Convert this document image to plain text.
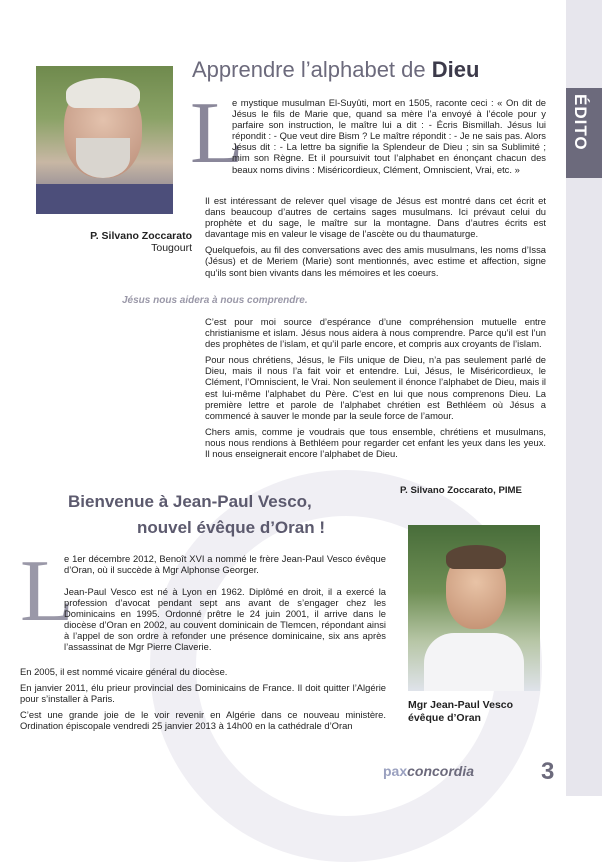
ÉDITO
P. Silvano Zoccarato
Tougourt
Apprendre l’alphabet de Dieu
L

e mystique musulman El-Suyûti, mort en 1505, raconte ceci : « On dit de Jésus le fils de Marie que, quand sa mère l’a envoyé à l’école pour y parfaire son instruction, le maître lui a dit : - Écris Bismillah. Jésus lui répondit : - Que veut dire Bism ? Le maître répondit : - Je ne sais pas. Alors Jésus dit : - La lettre ba signifie la Splendeur de Dieu ; sin sa Sublimité ; mim son Règne. Et il poursuivit tout l’alphabet en énonçant chacun des beaux noms divins : Miséricordieux, Clément, Omniscient, Vrai, etc. »

Il est intéressant de relever quel visage de Jésus est montré dans cet écrit et dans beaucoup d’autres de certains sages musulmans. Ici prévaut celui du prophète et du sage, le maître sur la montagne. Dans d’autres écrits est davantage mis en valeur le visage de l’ascète ou du thaumaturge.

Quelquefois, au fil des conversations avec des amis musulmans, les noms d’Issa (Jésus) et de Meriem (Marie) sont mentionnés, avec estime et affection, signe qu’ils sont bien vivants dans les mémoires et les coeurs.

Jésus nous aidera à nous comprendre.

C’est pour moi source d’espérance d’une compréhension mutuelle entre christianisme et islam. Jésus nous aidera à nous comprendre. Parce qu’il est l’un des prophètes de l’islam, et qu’il parle encore, et compris aux croyants de l’islam.

Pour nous chrétiens, Jésus, le Fils unique de Dieu, n’a pas seulement parlé de Dieu, mais il nous l’a fait voir et entendre. Lui, Jésus, le Miséricordieux, le Clément, l’Omniscient, le Vrai. Non seulement il énonce l’alphabet de Dieu, mais il est lui-même l’alphabet du Père. C’est en lui que nous comprenons Dieu. La première lettre et parole de l’alphabet chrétien est Bethléem où Jésus a commencé à sauver le monde par la seule force de l’amour.

Chers amis, comme je voudrais que tous ensemble, chrétiens et musulmans, nous nous rendions à Bethléem pour regarder cet enfant les yeux dans les yeux. Il nous enseignerait encore l’alphabet de Dieu.

P. Silvano Zoccarato, PIME
Bienvenue à Jean-Paul Vesco,
nouvel évêque d’Oran !
L

e 1er décembre 2012, Benoît XVI a nommé le frère Jean-Paul Vesco évêque d’Oran, où il succède à Mgr Alphonse Georger.

Jean-Paul Vesco est né à Lyon en 1962. Diplômé en droit, il a exercé la profession d’avocat pendant sept ans avant de s’engager chez les Dominicains en 1995. Ordonné prêtre le 24 juin 2001, il arrive dans le diocèse d’Oran en 2002, au couvent dominicain de Tlemcen, répondant ainsi à l’appel de son ordre à refonder une présence dominicaine, six ans après l’assassinat de Mgr Pierre Claverie.

En 2005, il est nommé vicaire général du diocèse.

En janvier 2011, élu prieur provincial des Dominicains de France. Il doit quitter l’Algérie pour s’installer à Paris.

C’est une grande joie de le voir revenir en Algérie dans ce nouveau ministère. Ordination épiscopale vendredi 25 janvier 2013 à 14h00 en la cathédrale d’Oran

Mgr Jean-Paul Vesco
évêque d’Oran
paxconcordia	3
